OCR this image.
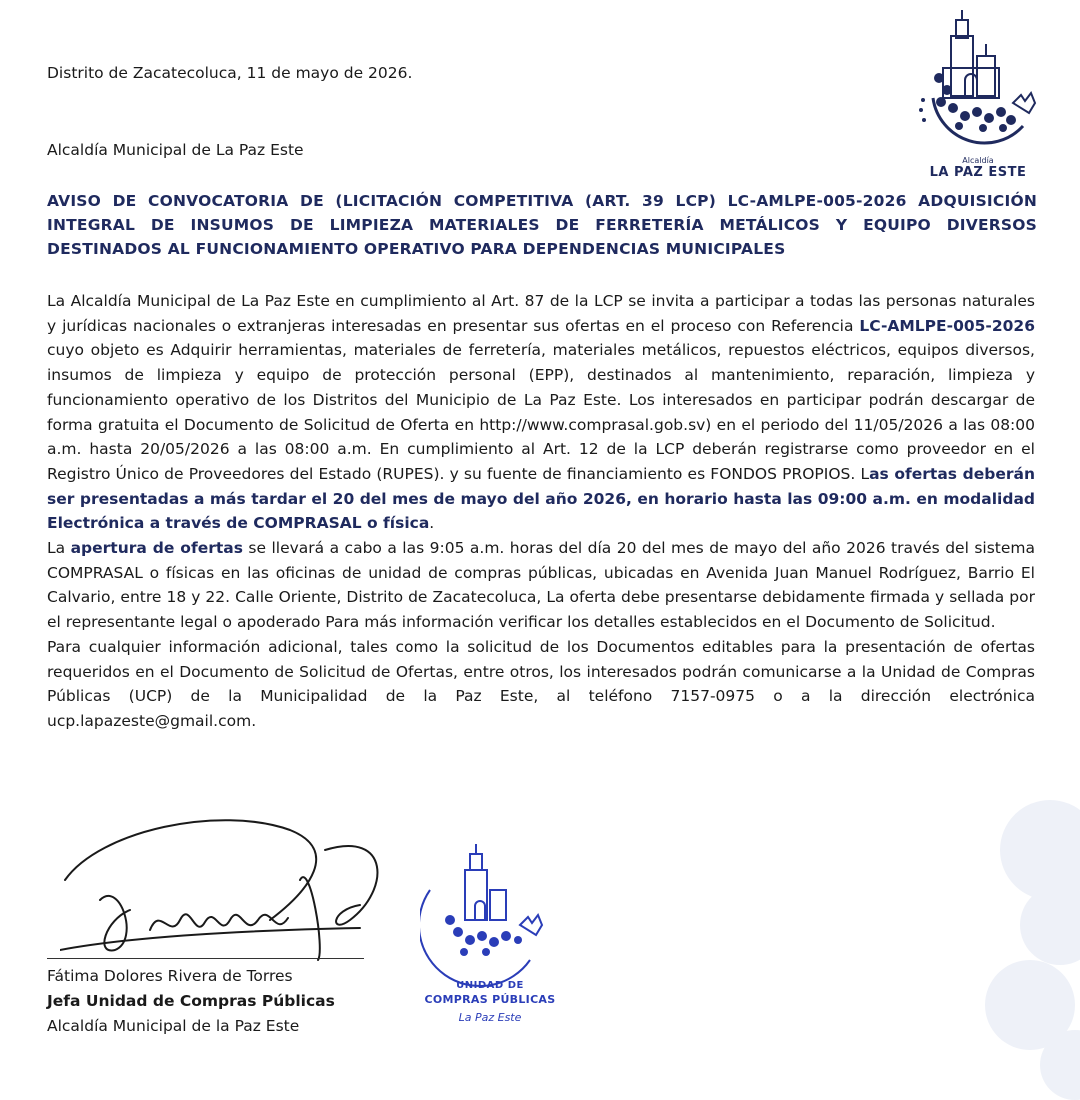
Alcaldía
LA PAZ ESTE
Distrito de Zacatecoluca, 11 de mayo de 2026.
Alcaldía Municipal de La Paz Este
AVISO DE CONVOCATORIA DE (LICITACIÓN COMPETITIVA (ART. 39 LCP) LC-AMLPE-005-2026 ADQUISICIÓN INTEGRAL DE INSUMOS DE LIMPIEZA MATERIALES DE FERRETERÍA METÁLICOS Y EQUIPO DIVERSOS DESTINADOS AL FUNCIONAMIENTO OPERATIVO PARA DEPENDENCIAS MUNICIPALES

La Alcaldía Municipal de La Paz Este en cumplimiento al Art. 87 de la LCP se invita a participar a todas las personas naturales y jurídicas nacionales o extranjeras interesadas en presentar sus ofertas en el proceso con Referencia LC-AMLPE-005-2026 cuyo objeto es Adquirir herramientas, materiales de ferretería, materiales metálicos, repuestos eléctricos, equipos diversos, insumos de limpieza y equipo de protección personal (EPP), destinados al mantenimiento, reparación, limpieza y funcionamiento operativo de los Distritos del Municipio de La Paz Este. Los interesados en participar podrán descargar de forma gratuita el Documento de Solicitud de Oferta en http://www.comprasal.gob.sv) en el periodo del 11/05/2026 a las 08:00 a.m. hasta 20/05/2026 a las 08:00 a.m. En cumplimiento al Art. 12 de la LCP deberán registrarse como proveedor en el Registro Único de Proveedores del Estado (RUPES). y su fuente de financiamiento es FONDOS PROPIOS. Las ofertas deberán ser presentadas a más tardar el 20 del mes de mayo del año 2026, en horario hasta las 09:00 a.m. en modalidad Electrónica a través de COMPRASAL o física.

La apertura de ofertas se llevará a cabo a las 9:05 a.m. horas del día 20 del mes de mayo del año 2026 través del sistema COMPRASAL o físicas en las oficinas de unidad de compras públicas, ubicadas en Avenida Juan Manuel Rodríguez, Barrio El Calvario, entre 18 y 22. Calle Oriente, Distrito de Zacatecoluca, La oferta debe presentarse debidamente firmada y sellada por el representante legal o apoderado Para más información verificar los detalles establecidos en el Documento de Solicitud.

Para cualquier información adicional, tales como la solicitud de los Documentos editables para la presentación de ofertas requeridos en el Documento de Solicitud de Ofertas, entre otros, los interesados podrán comunicarse a la Unidad de Compras Públicas (UCP) de la Municipalidad de la Paz Este, al teléfono 7157-0975 o a la dirección electrónica ucp.lapazeste@gmail.com.

Fátima Dolores Rivera de Torres
Jefa Unidad de Compras Públicas
Alcaldía Municipal de la Paz Este
UNIDAD DE
COMPRAS PÚBLICAS
La Paz Este
